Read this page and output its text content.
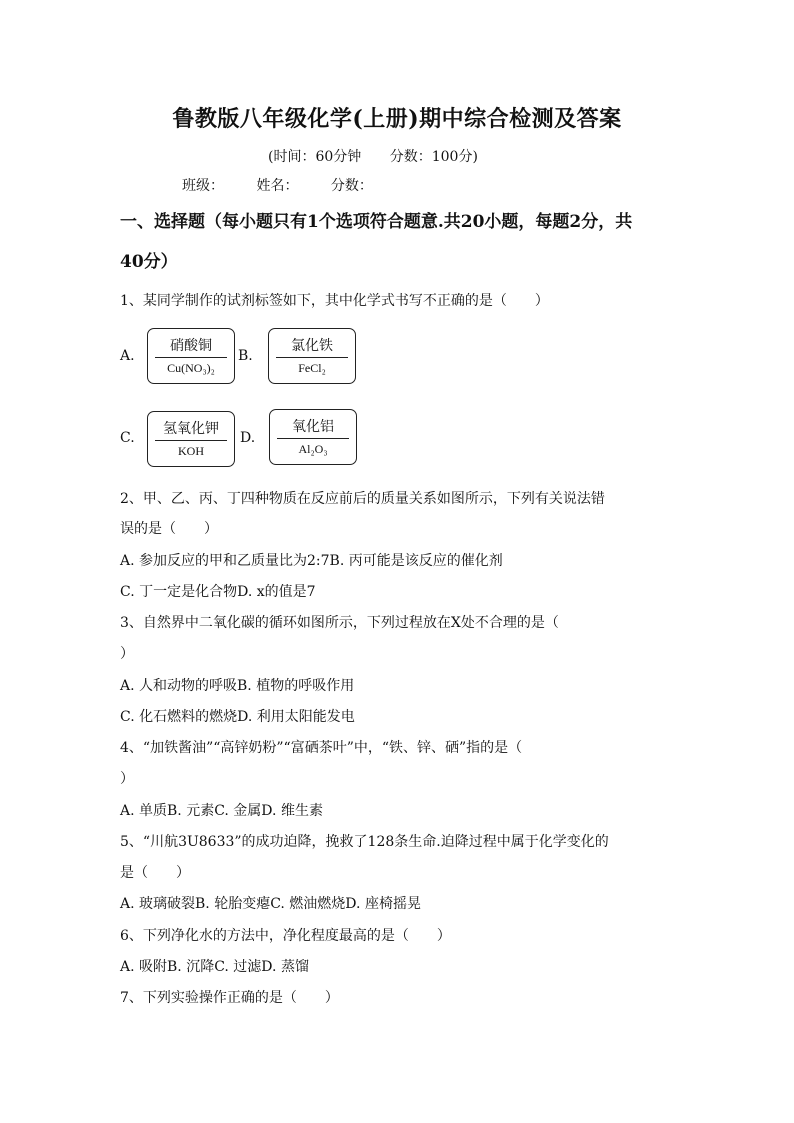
鲁教版八年级化学(上册)期中综合检测及答案
(时间：60分钟 分数：100分)
班级： 姓名： 分数：
一、选择题（每小题只有1个选项符合题意.共20小题，每题2分，共
40分）
1、某同学制作的试剂标签如下，其中化学式书写不正确的是（　　）
A.
硝酸铜
Cu(NO₃)₂
B.
氯化铁
FeCl₂
C.
氢氧化钾
KOH
D.
氧化铝
Al₂O₃
2、甲、乙、丙、丁四种物质在反应前后的质量关系如图所示，下列有关说法错
误的是（　　）
A. 参加反应的甲和乙质量比为2:7B. 丙可能是该反应的催化剂
C. 丁一定是化合物D. x的值是7
3、自然界中二氧化碳的循环如图所示，下列过程放在X处不合理的是（
）
A. 人和动物的呼吸B. 植物的呼吸作用
C. 化石燃料的燃烧D. 利用太阳能发电
4、“加铁酱油”“高锌奶粉”“富硒茶叶”中，“铁、锌、硒”指的是（
）
A. 单质B. 元素C. 金属D. 维生素
5、“川航3U8633”的成功迫降，挽救了128条生命.迫降过程中属于化学变化的
是（　　）
A. 玻璃破裂B. 轮胎变瘪C. 燃油燃烧D. 座椅摇晃
6、下列净化水的方法中，净化程度最高的是（　　）
A. 吸附B. 沉降C. 过滤D. 蒸馏
7、下列实验操作正确的是（　　）
